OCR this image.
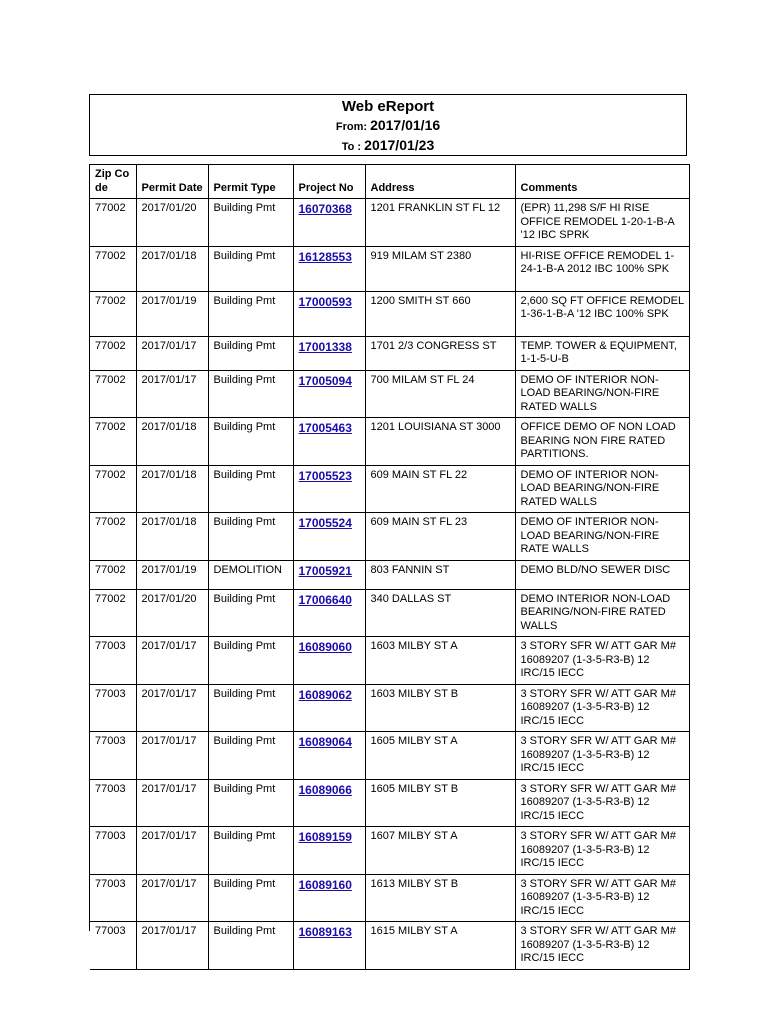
Web eReport
From: 2017/01/16
To : 2017/01/23
Zip Code	Permit Date	Permit Type	Project No	Address	Comments
77002	2017/01/20	Building Pmt	16070368	1201 FRANKLIN ST FL 12	(EPR) 11,298 S/F HI RISE OFFICE REMODEL 1-20-1-B-A '12 IBC SPRK
77002	2017/01/18	Building Pmt	16128553	919 MILAM ST 2380	HI-RISE OFFICE REMODEL 1-24-1-B-A 2012 IBC 100% SPK
77002	2017/01/19	Building Pmt	17000593	1200 SMITH ST 660	2,600 SQ FT OFFICE REMODEL 1-36-1-B-A '12 IBC 100% SPK
77002	2017/01/17	Building Pmt	17001338	1701 2/3 CONGRESS ST	TEMP. TOWER & EQUIPMENT, 1-1-5-U-B
77002	2017/01/17	Building Pmt	17005094	700 MILAM ST FL 24	DEMO OF INTERIOR NON-LOAD BEARING/NON-FIRE RATED WALLS
77002	2017/01/18	Building Pmt	17005463	1201 LOUISIANA ST 3000	OFFICE DEMO OF NON LOAD BEARING NON FIRE RATED PARTITIONS.
77002	2017/01/18	Building Pmt	17005523	609 MAIN ST FL 22	DEMO OF INTERIOR NON-LOAD BEARING/NON-FIRE RATED WALLS
77002	2017/01/18	Building Pmt	17005524	609 MAIN ST FL 23	DEMO OF INTERIOR NON-LOAD BEARING/NON-FIRE RATE WALLS
77002	2017/01/19	DEMOLITION	17005921	803 FANNIN ST	DEMO BLD/NO SEWER DISC
77002	2017/01/20	Building Pmt	17006640	340 DALLAS ST	DEMO INTERIOR NON-LOAD BEARING/NON-FIRE RATED WALLS
77003	2017/01/17	Building Pmt	16089060	1603 MILBY ST A	3 STORY SFR W/ ATT GAR M# 16089207 (1-3-5-R3-B) 12 IRC/15 IECC
77003	2017/01/17	Building Pmt	16089062	1603 MILBY ST B	3 STORY SFR W/ ATT GAR M# 16089207 (1-3-5-R3-B) 12 IRC/15 IECC
77003	2017/01/17	Building Pmt	16089064	1605 MILBY ST A	3 STORY SFR W/ ATT GAR M# 16089207 (1-3-5-R3-B) 12 IRC/15 IECC
77003	2017/01/17	Building Pmt	16089066	1605 MILBY ST B	3 STORY SFR W/ ATT GAR M# 16089207 (1-3-5-R3-B) 12 IRC/15 IECC
77003	2017/01/17	Building Pmt	16089159	1607 MILBY ST A	3 STORY SFR W/ ATT GAR M# 16089207 (1-3-5-R3-B) 12 IRC/15 IECC
77003	2017/01/17	Building Pmt	16089160	1613 MILBY ST B	3 STORY SFR W/ ATT GAR M# 16089207 (1-3-5-R3-B) 12 IRC/15 IECC
77003	2017/01/17	Building Pmt	16089163	1615 MILBY ST A	3 STORY SFR W/ ATT GAR M# 16089207 (1-3-5-R3-B) 12 IRC/15 IECC
